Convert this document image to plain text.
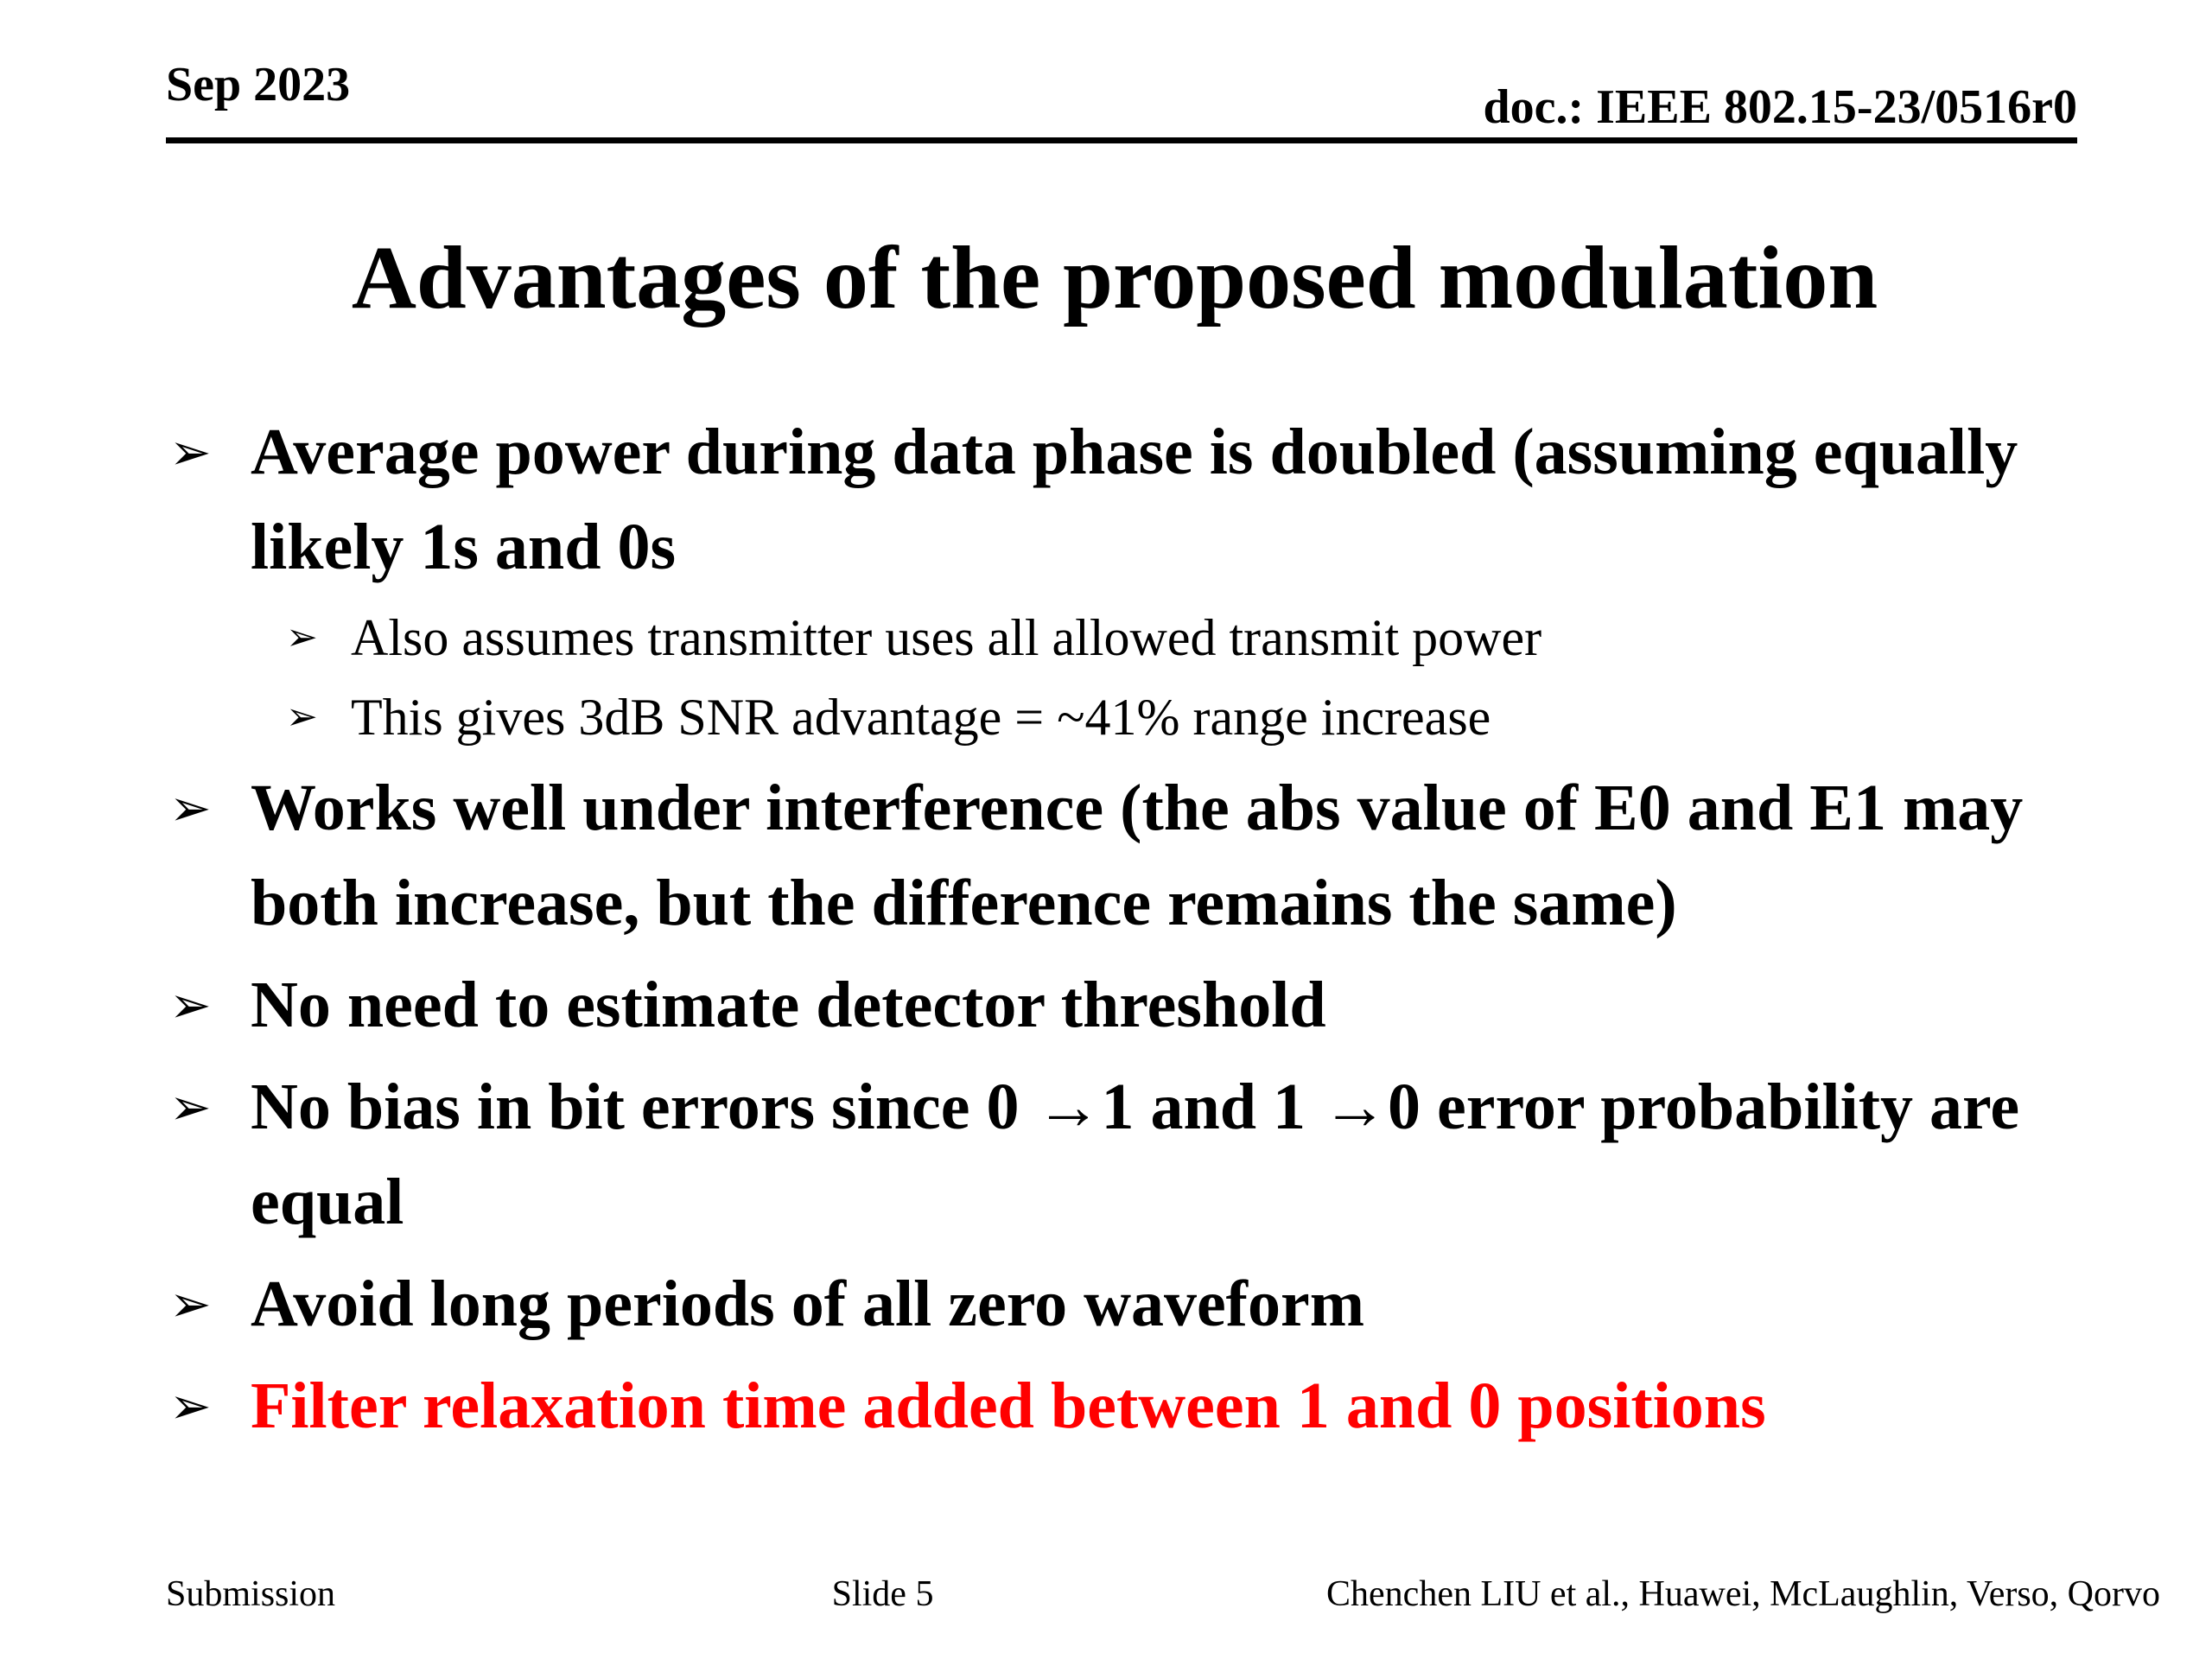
Sep 2023	doc.: IEEE 802.15-23/0516r0
Advantages of the proposed modulation
➢ Average power during data phase is doubled (assuming equally likely 1s and 0s
➢ Also assumes transmitter uses all allowed transmit power
➢ This gives 3dB SNR advantage = ~41% range increase
➢ Works well under interference (the abs value of E0 and E1 may both increase, but the difference remains the same)
➢ No need to estimate detector threshold
➢ No bias in bit errors since 0 →1 and 1 →0 error probability are equal
➢ Avoid long periods of all zero waveform
➢ Filter relaxation time added between 1 and 0 positions
Submission	Slide 5	Chenchen LIU et al., Huawei, McLaughlin, Verso, Qorvo
